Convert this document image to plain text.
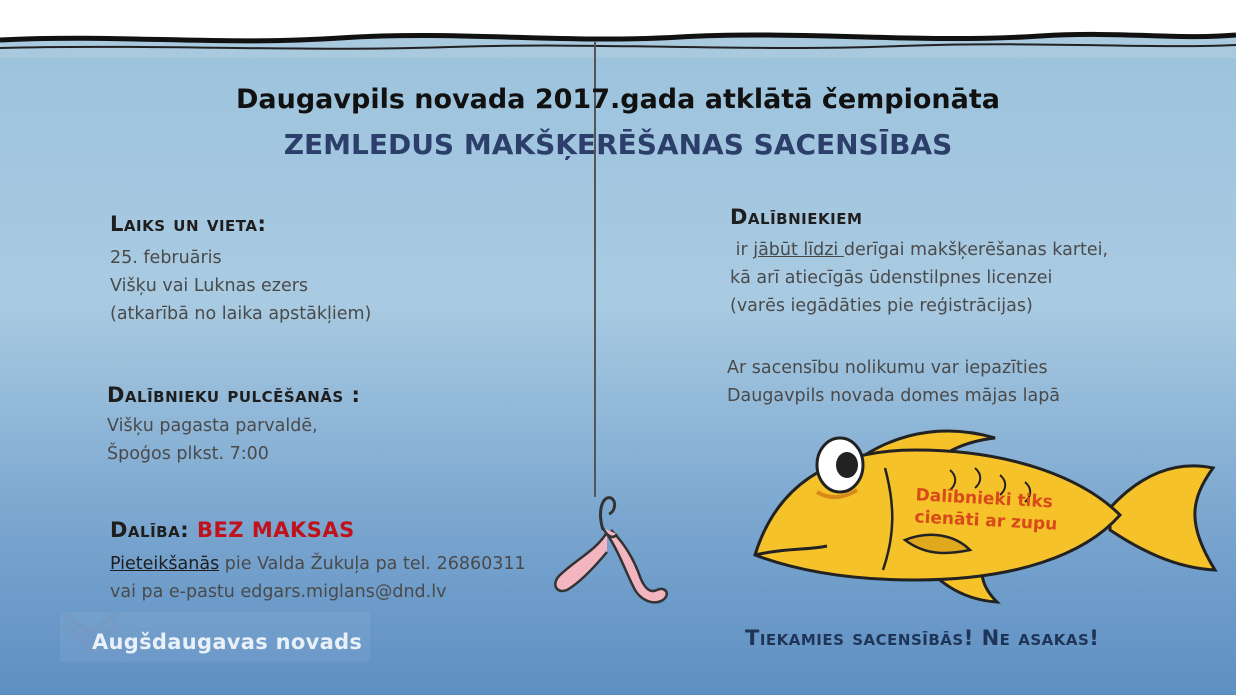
Daugavpils novada 2017.gada atklātā čempionāta
ZEMLEDUS MAKŠĶERĒŠANAS SACENSĪBAS
Laiks un vieta:
25. februāris
Višķu vai Luknas ezers
(atkarībā no laika apstākļiem)
Dalībnieku pulcēšanās :
Višķu pagasta parvaldē,
Špoģos plkst. 7:00
Dalība: BEZ MAKSAS
Pieteikšanās pie Valda Žukuļa pa tel. 26860311
vai pa e-pastu edgars.miglans@dnd.lv
Dalībniekiem
ir jābūt līdzi derīgai makšķerēšanas kartei,
kā arī atiecīgās ūdenstilpnes licenzei
(varēs iegādāties pie reģistrācijas)
Ar sacensību nolikumu var iepazīties
Daugavpils novada domes mājas lapā
Dalībnieki tiks
cienāti ar zupu
Tiekamies sacensībās! Ne asakas!
Augšdaugavas novads
